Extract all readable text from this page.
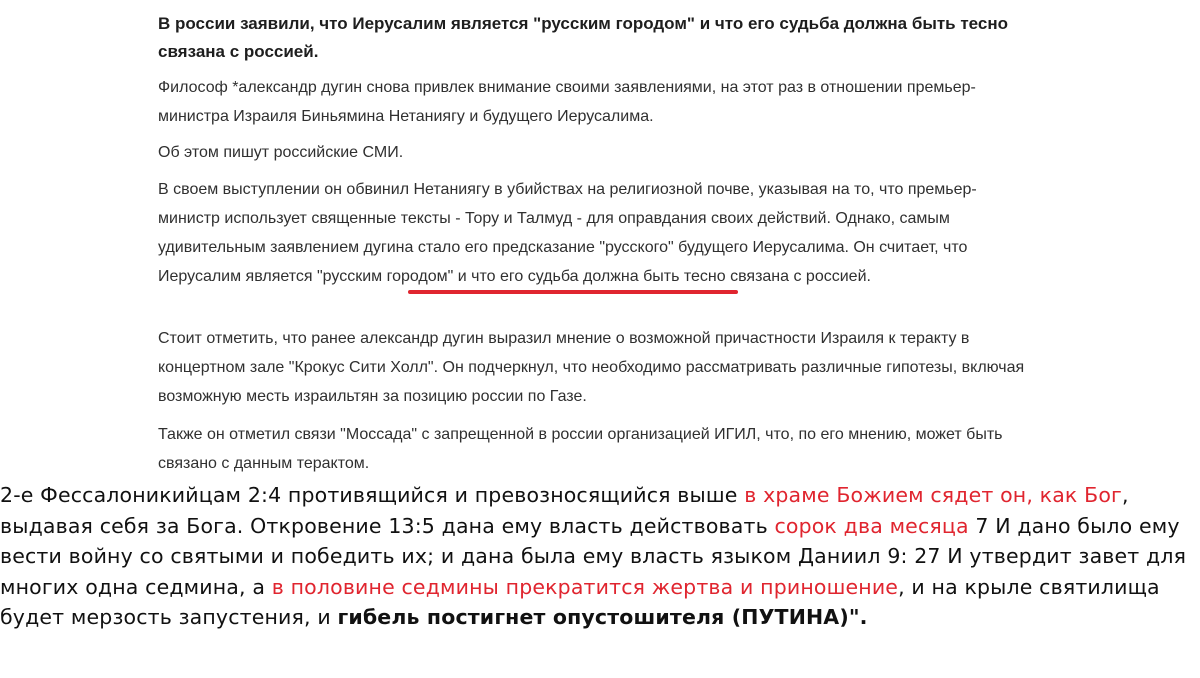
В россии заявили, что Иерусалим является "русским городом" и что его судьба должна быть тесно связана с россией.
Философ *александр дугин снова привлек внимание своими заявлениями, на этот раз в отношении премьер-министра Израиля Биньямина Нетаниягу и будущего Иерусалима.
Об этом пишут российские СМИ.
В своем выступлении он обвинил Нетаниягу в убийствах на религиозной почве, указывая на то, что премьер-министр использует священные тексты - Тору и Талмуд - для оправдания своих действий. Однако, самым удивительным заявлением дугина стало его предсказание "русского" будущего Иерусалима. Он считает, что Иерусалим является "русским городом" и что его судьба должна быть тесно связана с россией.
Стоит отметить, что ранее александр дугин выразил мнение о возможной причастности Израиля к теракту в концертном зале "Крокус Сити Холл". Он подчеркнул, что необходимо рассматривать различные гипотезы, включая возможную месть израильтян за позицию россии по Газе.
Также он отметил связи "Моссада" с запрещенной в россии организацией ИГИЛ, что, по его мнению, может быть связано с данным терактом.
2-е Фессалоникийцам 2:4 противящийся и превозносящийся выше в храме Божием сядет он, как Бог, выдавая себя за Бога. Откровение 13:5 дана ему власть действовать сорок два месяца 7 И дано было ему вести войну со святыми и победить их; и дана была ему власть языком Даниил 9: 27 И утвердит завет для многих одна седмина, а в половине седмины прекратится жертва и приношение, и на крыле святилища будет мерзость запустения, и гибель постигнет опустошителя (ПУТИНА)".
